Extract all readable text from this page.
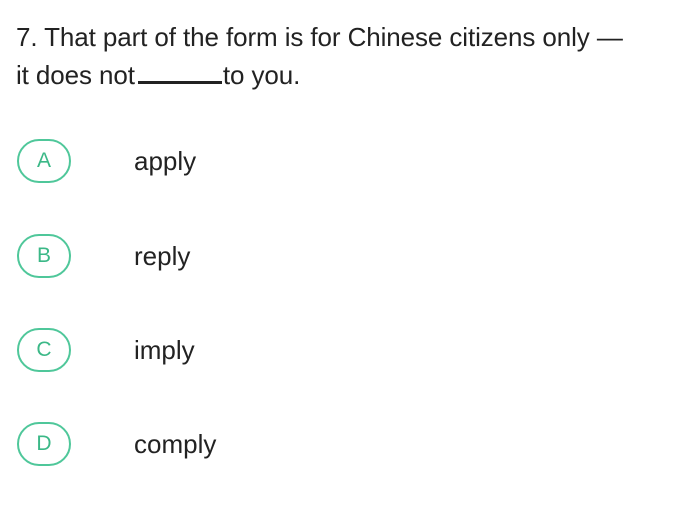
7. That part of the form is for Chinese citizens only —
it does not	to you.
A	apply
B	reply
C	imply
D	comply
